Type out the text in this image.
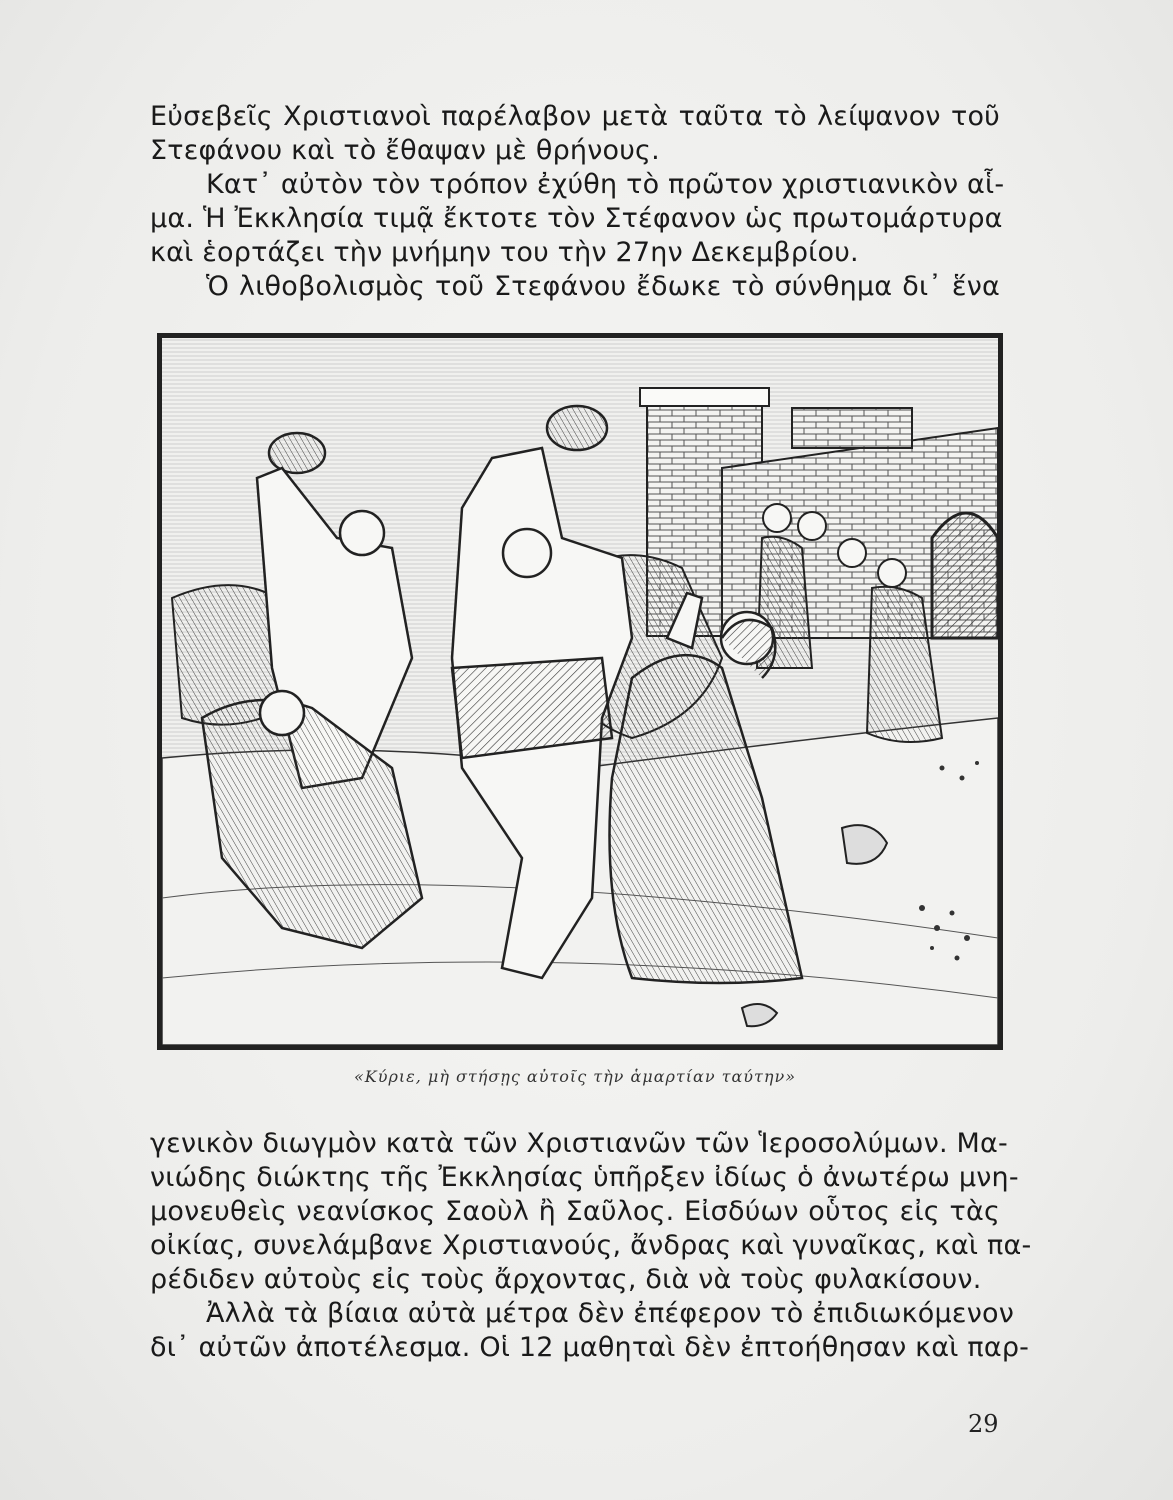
Εὐσεβεῖς Χριστιανοὶ παρέλαβον μετὰ ταῦτα τὸ λείψανον τοῦ
Στεφάνου καὶ τὸ ἔθαψαν μὲ θρήνους.
Κατ᾽ αὐτὸν τὸν τρόπον ἐχύθη τὸ πρῶτον χριστιανικὸν αἷ-
μα. Ἡ Ἐκκλησία τιμᾷ ἔκτοτε τὸν Στέφανον ὡς πρωτομάρτυρα
καὶ ἑορτάζει τὴν μνήμην του τὴν 27ην Δεκεμβρίου.
Ὁ λιθοβολισμὸς τοῦ Στεφάνου ἔδωκε τὸ σύνθημα δι᾽ ἕνα
«Κύριε, μὴ στήσῃς αὐτοῖς τὴν ἁμαρτίαν ταύτην»
γενικὸν διωγμὸν κατὰ τῶν Χριστιανῶν τῶν Ἱεροσολύμων. Μα-
νιώδης διώκτης τῆς Ἐκκλησίας ὑπῆρξεν ἰδίως ὁ ἀνωτέρω μνη-
μονευθεὶς νεανίσκος Σαοὺλ ἢ Σαῦλος. Εἰσδύων οὗτος εἰς τὰς
οἰκίας, συνελάμβανε Χριστιανούς, ἄνδρας καὶ γυναῖκας, καὶ πα-
ρέδιδεν αὐτοὺς εἰς τοὺς ἄρχοντας, διὰ νὰ τοὺς φυλακίσουν.
Ἀλλὰ τὰ βίαια αὐτὰ μέτρα δὲν ἐπέφερον τὸ ἐπιδιωκόμενον
δι᾽ αὐτῶν ἀποτέλεσμα. Οἱ 12 μαθηταὶ δὲν ἐπτοήθησαν καὶ παρ-
29
